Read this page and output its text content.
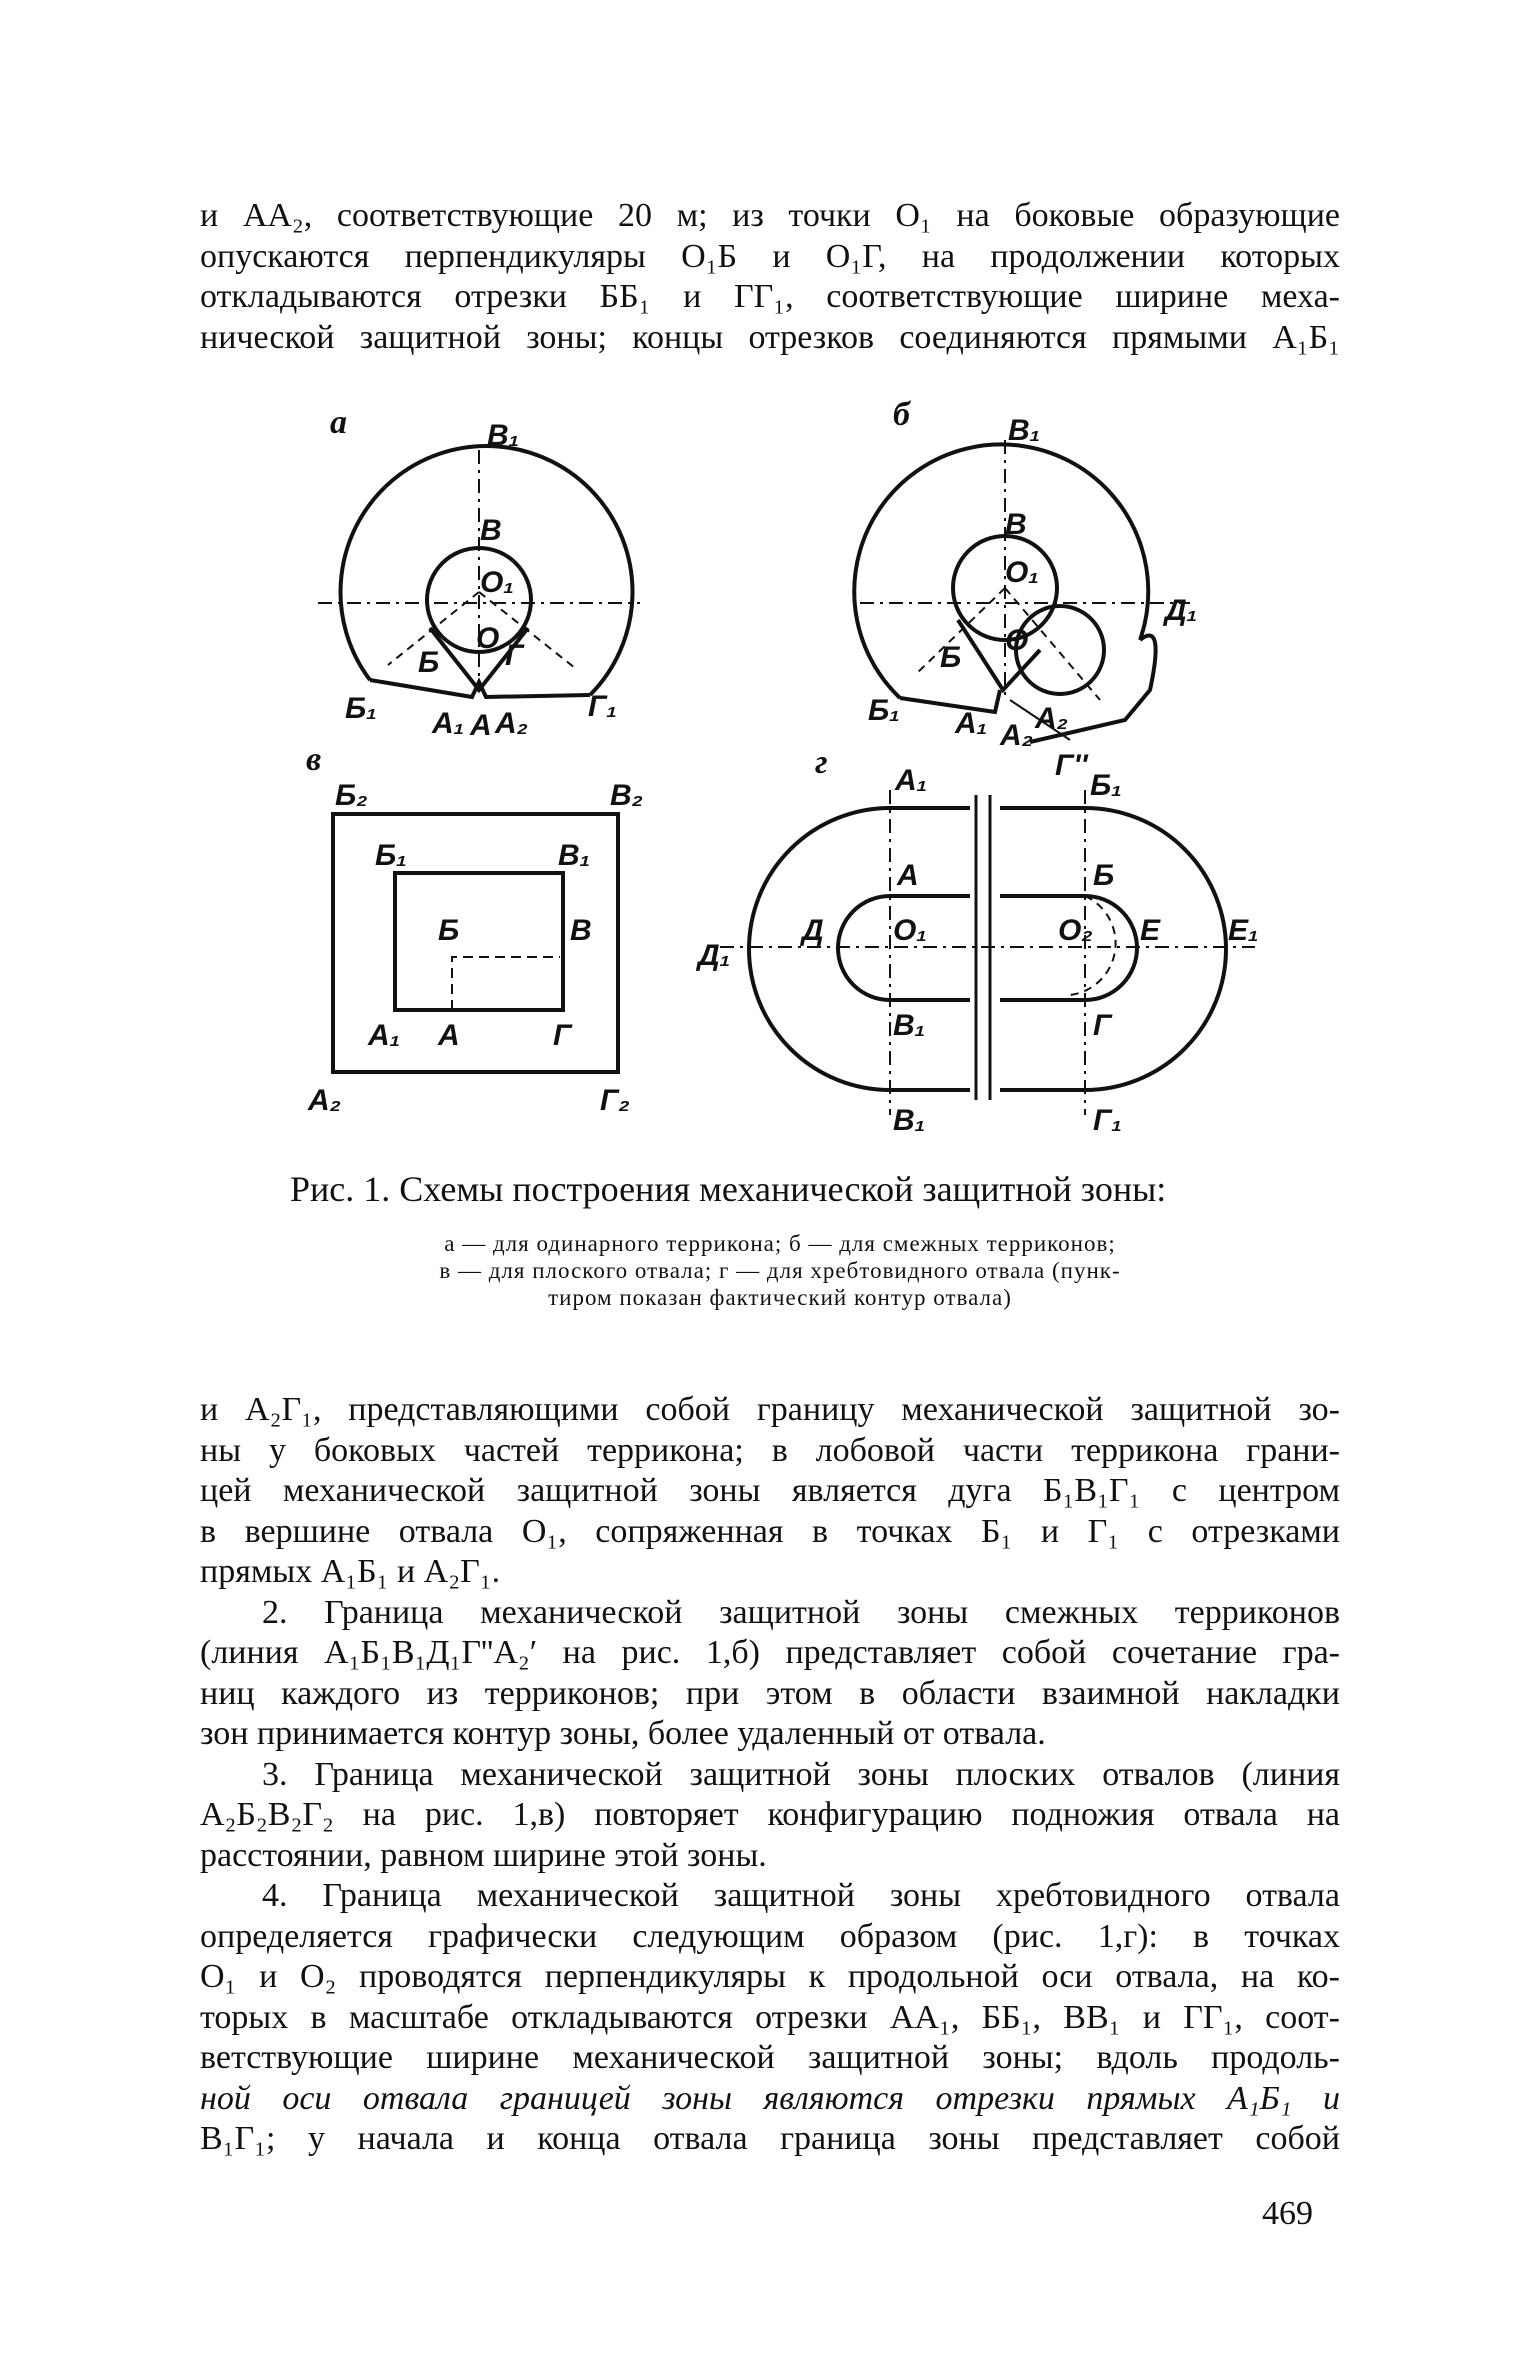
и АА₂, соответствующие 20 м; из точки O₁ на боковые образующие
опускаются перпендикуляры O₁Б и O₁Г, на продолжении которых
откладываются отрезки ББ₁ и ГГ₁, соответствующие ширине меха-
нической защитной зоны; концы отрезков соединяются прямыми A₁Б₁
а	б
в	г
В₁
В
O₁
Б
O
Г
Б₁	Г₁
A₁ A A₂
В₁
В
O₁
Д₁
Б
O
Б₁ A₁ A₂
A₂
Г''
Б₂	В₂
Б₁	В₁
Б	В
A₁ A	Г
A₂	Г₂
A₁	Б₁
A	Б
Д₁
Д O₁	O₂ E E₁
В₁	Г
В₁	Г₁
Рис. 1. Схемы построения механической защитной зоны:
а — для одинарного террикона; б — для смежных терриконов;
в — для плоского отвала; г — для хребтовидного отвала (пунк-
тиром показан фактический контур отвала)
и А₂Г₁, представляющими собой границу механической защитной зо-
ны у боковых частей террикона; в лобовой части террикона грани-
цей механической защитной зоны является дуга Б₁В₁Г₁ с центром
в вершине отвала O₁, сопряженная в точках Б₁ и Г₁ с отрезками
прямых A₁Б₁ и A₂Г₁.
2. Граница механической защитной зоны смежных терриконов
(линия A₁Б₁В₁Д₁Г''A₂′ на рис. 1,б) представляет собой сочетание гра-
ниц каждого из терриконов; при этом в области взаимной накладки
зон принимается контур зоны, более удаленный от отвала.
3. Граница механической защитной зоны плоских отвалов (линия
A₂Б₂В₂Г₂ на рис. 1,в) повторяет конфигурацию подножия отвала на
расстоянии, равном ширине этой зоны.
4. Граница механической защитной зоны хребтовидного отвала
определяется графически следующим образом (рис. 1,г): в точках
O₁ и O₂ проводятся перпендикуляры к продольной оси отвала, на ко-
торых в масштабе откладываются отрезки AA₁, ББ₁, ВВ₁ и ГГ₁, соот-
ветствующие ширине механической защитной зоны; вдоль продоль-
ной оси отвала границей зоны являются отрезки прямых A₁Б₁ и
В₁Г₁; у начала и конца отвала граница зоны представляет собой
469
